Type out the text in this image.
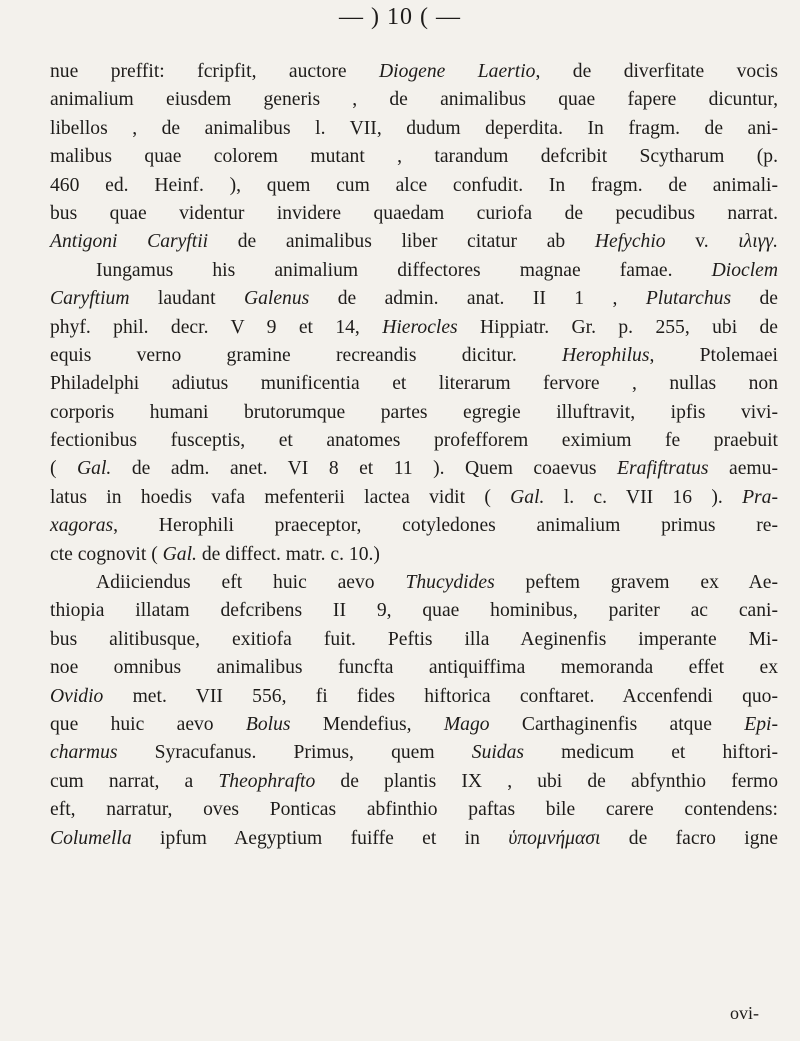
— ) 10 ( —
nue preffit: fcripfit, auctore Diogene Laertio, de diverfitate vocis
animalium eiusdem generis , de animalibus quae fapere dicuntur,
libellos , de animalibus l. VII, dudum deperdita. In fragm. de ani-
malibus quae colorem mutant , tarandum defcribit Scytharum (p.
460 ed. Heinf. ), quem cum alce confudit. In fragm. de animali-
bus quae videntur invidere quaedam curiofa de pecudibus narrat.
Antigoni Caryftii de animalibus liber citatur ab Hefychio v. ιλιγγ.
Iungamus his animalium diffectores magnae famae. Dioclem
Caryftium laudant Galenus de admin. anat. II 1 , Plutarchus de
phyf. phil. decr. V 9 et 14, Hierocles Hippiatr. Gr. p. 255, ubi de
equis verno gramine recreandis dicitur. Herophilus, Ptolemaei
Philadelphi adiutus munificentia et literarum fervore , nullas non
corporis humani brutorumque partes egregie illuftravit, ipfis vivi-
fectionibus fusceptis, et anatomes profefforem eximium fe praebuit
( Gal. de adm. anet. VI 8 et 11 ). Quem coaevus Erafiftratus aemu-
latus in hoedis vafa mefenterii lactea vidit ( Gal. l. c. VII 16 ). Pra-
xagoras, Herophili praeceptor, cotyledones animalium primus re-
cte cognovit ( Gal. de diffect. matr. c. 10.)
Adiiciendus eft huic aevo Thucydides peftem gravem ex Ae-
thiopia illatam defcribens II 9, quae hominibus, pariter ac cani-
bus alitibusque, exitiofa fuit. Peftis illa Aeginenfis imperante Mi-
noe omnibus animalibus funcfta antiquiffima memoranda effet ex
Ovidio met. VII 556, fi fides hiftorica conftaret. Accenfendi quo-
que huic aevo Bolus Mendefius, Mago Carthaginenfis atque Epi-
charmus Syracufanus. Primus, quem Suidas medicum et hiftori-
cum narrat, a Theophrafto de plantis IX , ubi de abfynthio fermo
eft, narratur, oves Ponticas abfinthio paftas bile carere contendens:
Columella ipfum Aegyptium fuiffe et in ὑπομνήμασι de facro igne
ovi-
